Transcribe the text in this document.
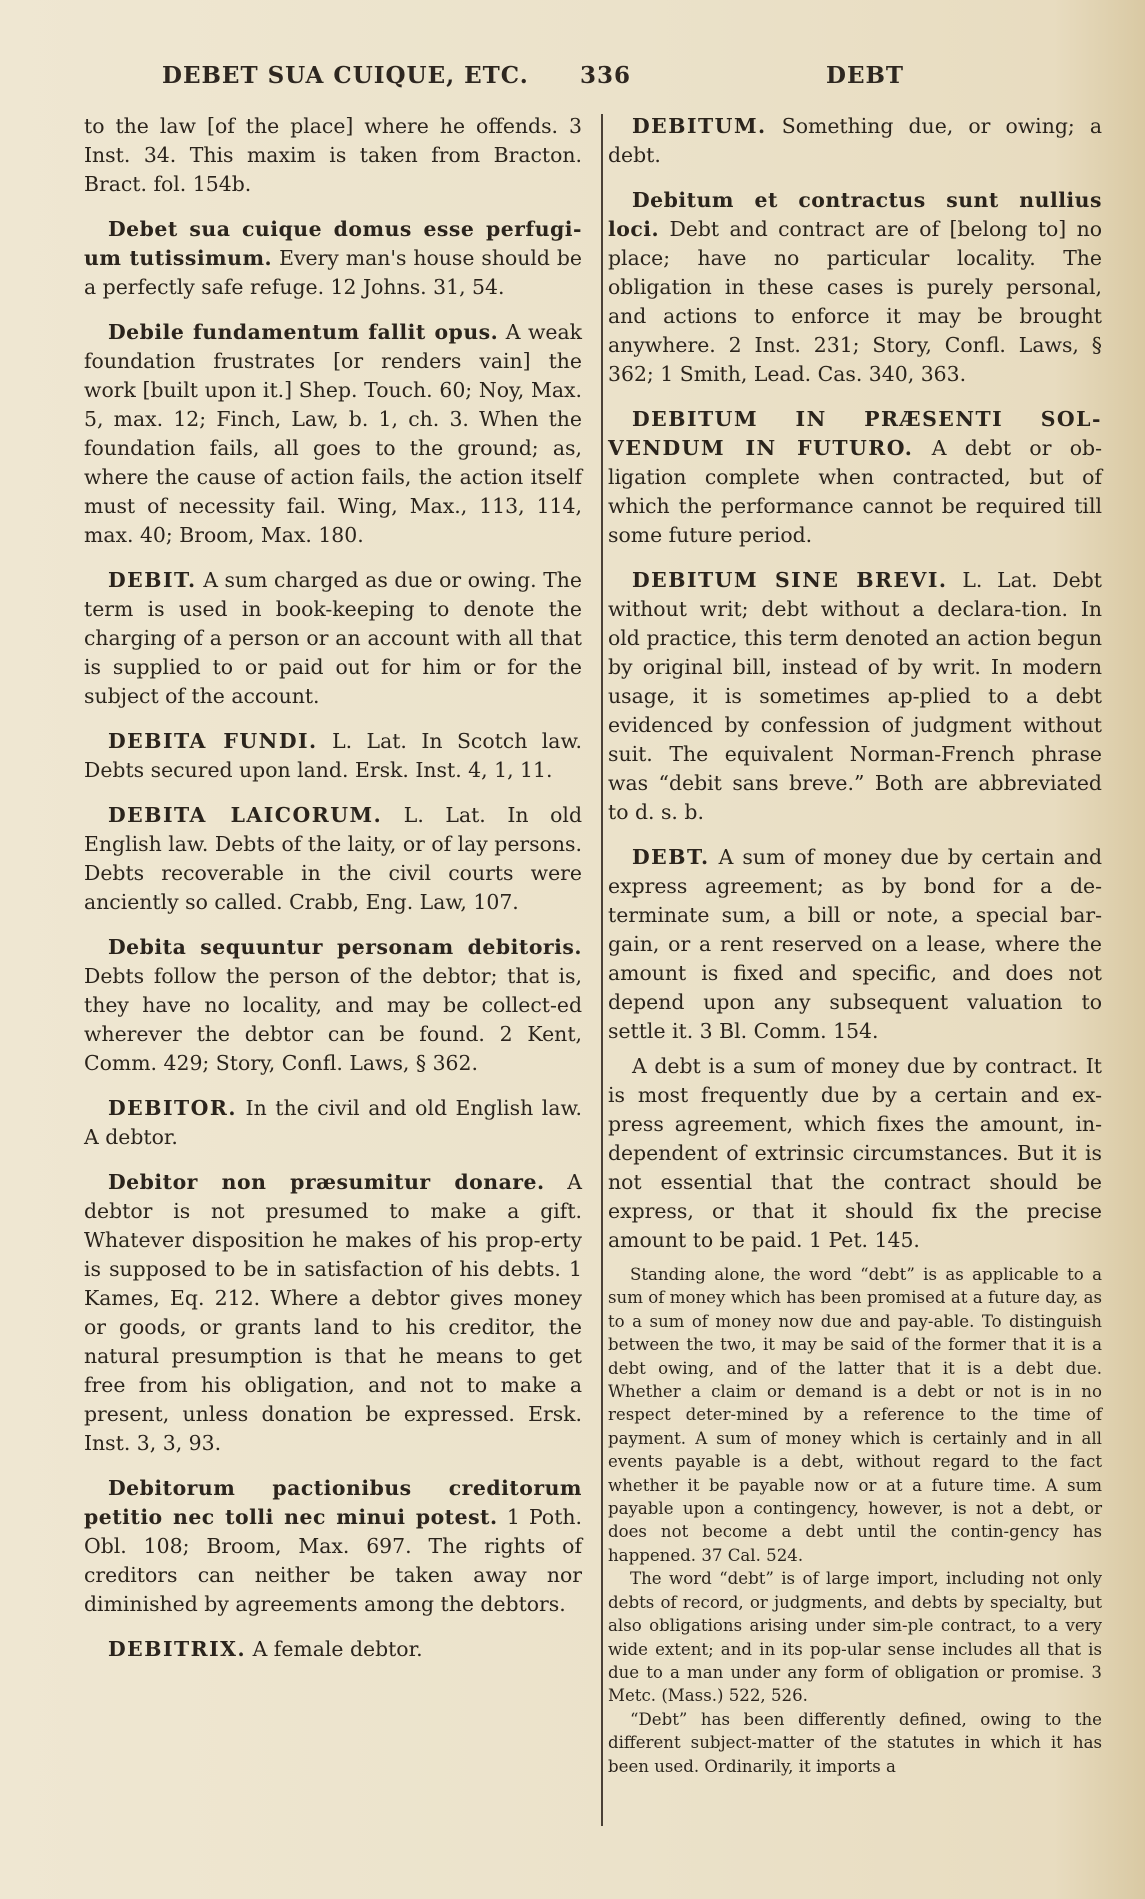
DEBET SUA CUIQUE, ETC. 336	DEBT

to the law [of the place] where he offends. 3 Inst. 34. This maxim is taken from Bracton. Bract. fol. 154b.

Debet sua cuique domus esse perfugi-um tutissimum. Every man's house should be a perfectly safe refuge. 12 Johns. 31, 54.

Debile fundamentum fallit opus. A weak foundation frustrates [or renders vain] the work [built upon it.] Shep. Touch. 60; Noy, Max. 5, max. 12; Finch, Law, b. 1, ch. 3. When the foundation fails, all goes to the ground; as, where the cause of action fails, the action itself must of necessity fail. Wing, Max., 113, 114, max. 40; Broom, Max. 180.

DEBIT. A sum charged as due or owing. The term is used in book-keeping to denote the charging of a person or an account with all that is supplied to or paid out for him or for the subject of the account.

DEBITA FUNDI. L. Lat. In Scotch law. Debts secured upon land. Ersk. Inst. 4, 1, 11.

DEBITA LAICORUM. L. Lat. In old English law. Debts of the laity, or of lay persons. Debts recoverable in the civil courts were anciently so called. Crabb, Eng. Law, 107.

Debita sequuntur personam debitoris. Debts follow the person of the debtor; that is, they have no locality, and may be collect-ed wherever the debtor can be found. 2 Kent, Comm. 429; Story, Confl. Laws, § 362.

DEBITOR. In the civil and old English law. A debtor.

Debitor non præsumitur donare. A debtor is not presumed to make a gift. Whatever disposition he makes of his prop-erty is supposed to be in satisfaction of his debts. 1 Kames, Eq. 212. Where a debtor gives money or goods, or grants land to his creditor, the natural presumption is that he means to get free from his obligation, and not to make a present, unless donation be expressed. Ersk. Inst. 3, 3, 93.

Debitorum pactionibus creditorum petitio nec tolli nec minui potest. 1 Poth. Obl. 108; Broom, Max. 697. The rights of creditors can neither be taken away nor diminished by agreements among the debtors.

DEBITRIX. A female debtor.

DEBITUM. Something due, or owing; a debt.

Debitum et contractus sunt nullius loci. Debt and contract are of [belong to] no place; have no particular locality. The obligation in these cases is purely personal, and actions to enforce it may be brought anywhere. 2 Inst. 231; Story, Confl. Laws, § 362; 1 Smith, Lead. Cas. 340, 363.

DEBITUM IN PRÆSENTI SOL-VENDUM IN FUTURO. A debt or ob-ligation complete when contracted, but of which the performance cannot be required till some future period.

DEBITUM SINE BREVI. L. Lat. Debt without writ; debt without a declara-tion. In old practice, this term denoted an action begun by original bill, instead of by writ. In modern usage, it is sometimes ap-plied to a debt evidenced by confession of judgment without suit. The equivalent Norman-French phrase was “debit sans breve.” Both are abbreviated to d. s. b.

DEBT. A sum of money due by certain and express agreement; as by bond for a de-terminate sum, a bill or note, a special bar-gain, or a rent reserved on a lease, where the amount is fixed and specific, and does not depend upon any subsequent valuation to settle it. 3 Bl. Comm. 154.

A debt is a sum of money due by contract. It is most frequently due by a certain and ex-press agreement, which fixes the amount, in-dependent of extrinsic circumstances. But it is not essential that the contract should be express, or that it should fix the precise amount to be paid. 1 Pet. 145.

Standing alone, the word “debt” is as applicable to a sum of money which has been promised at a future day, as to a sum of money now due and pay-able. To distinguish between the two, it may be said of the former that it is a debt owing, and of the latter that it is a debt due. Whether a claim or demand is a debt or not is in no respect deter-mined by a reference to the time of payment. A sum of money which is certainly and in all events payable is a debt, without regard to the fact whether it be payable now or at a future time. A sum payable upon a contingency, however, is not a debt, or does not become a debt until the contin-gency has happened. 37 Cal. 524.

The word “debt” is of large import, including not only debts of record, or judgments, and debts by specialty, but also obligations arising under sim-ple contract, to a very wide extent; and in its pop-ular sense includes all that is due to a man under any form of obligation or promise. 3 Metc. (Mass.) 522, 526.

“Debt” has been differently defined, owing to the different subject-matter of the statutes in which it has been used. Ordinarily, it imports a
